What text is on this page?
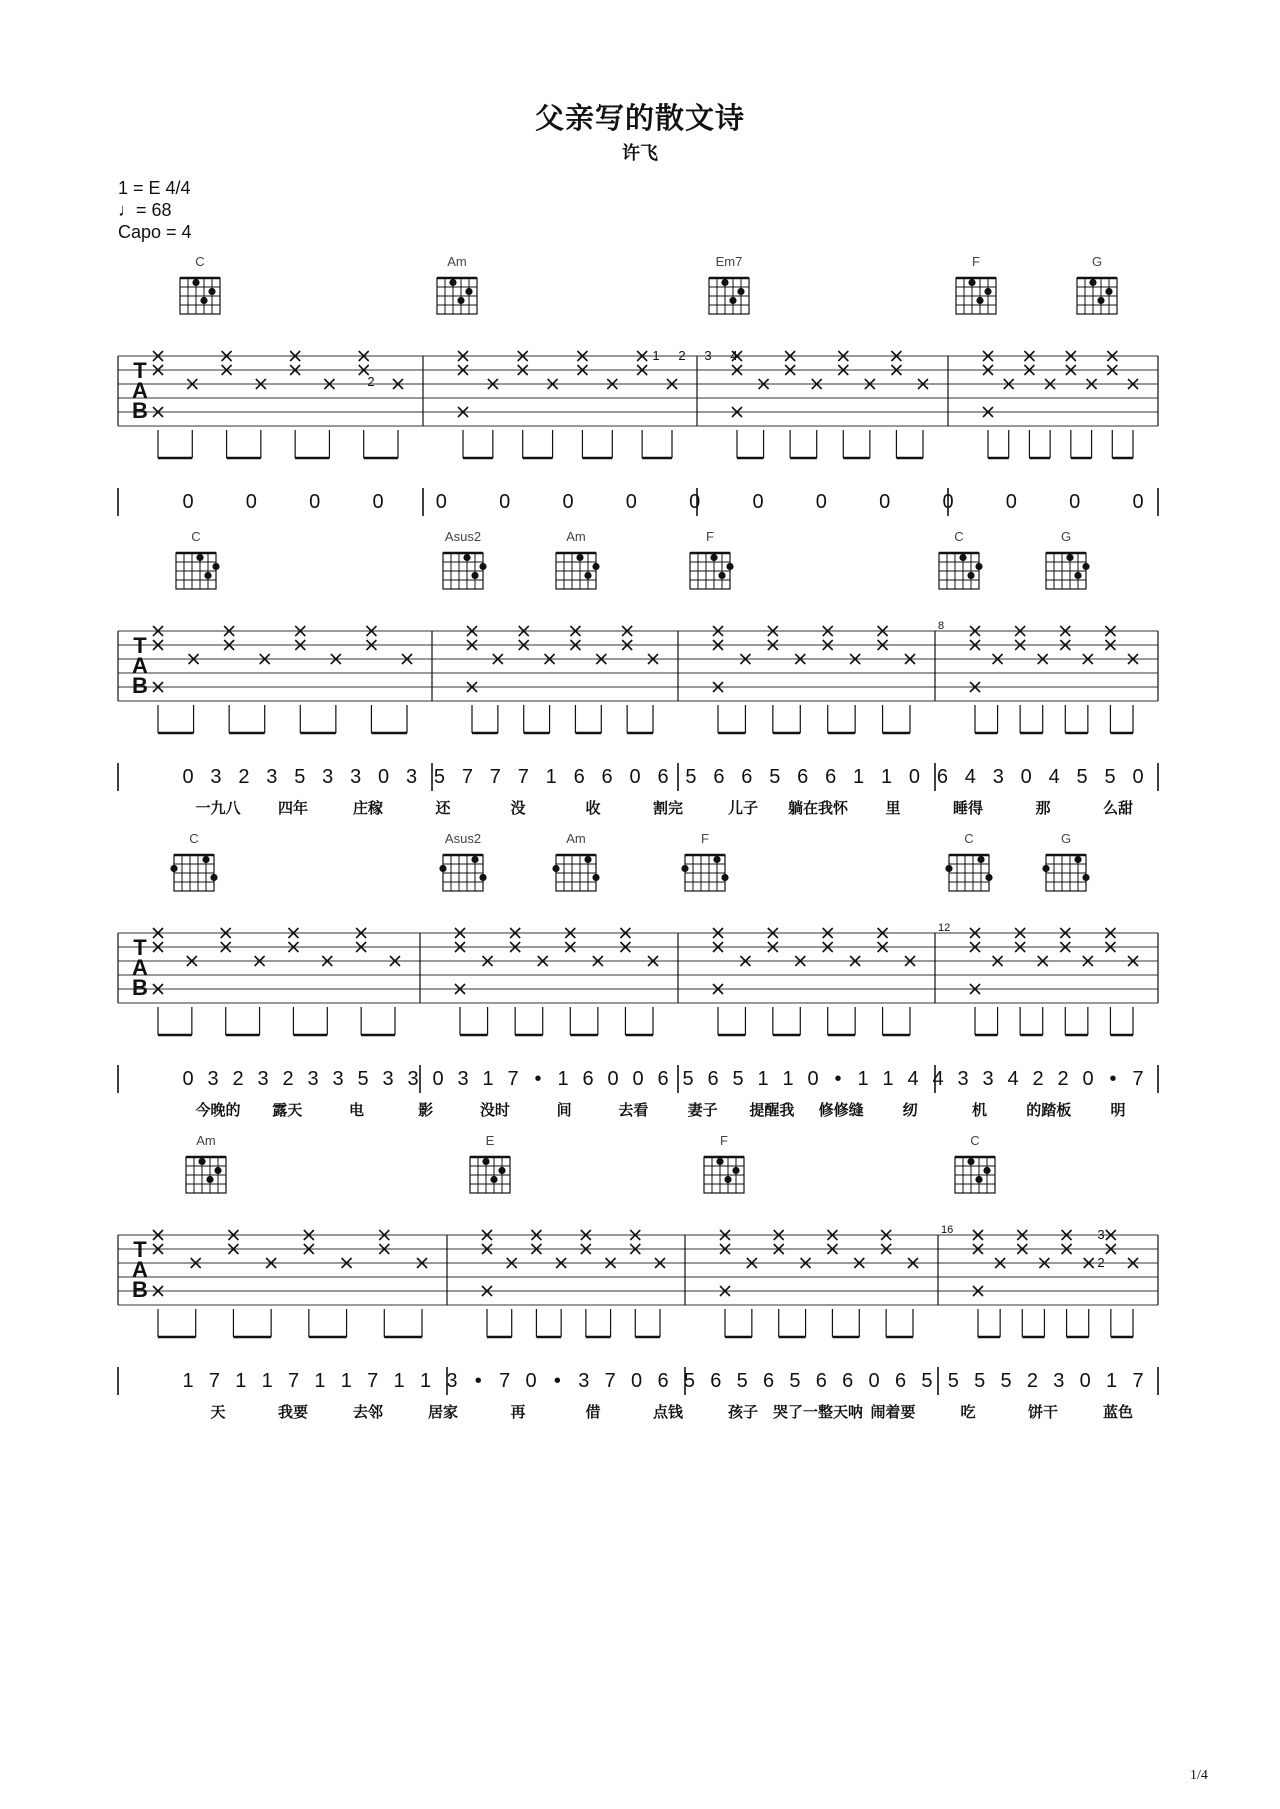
父亲写的散文诗
许飞
1 = E 4/4
♩= 68
Capo = 4
1/4
C	Am	Em7	F	G
T
A
B
2
1 2 3 4
0	0	0	0	0	0	0	0	0	0	0	0	0	0	0	0
C	Asus2	Am	F	C	G
T
A
B
8
0 3 2 3 5 3 3 0 3 5 7 7 7 1 6 6 0 6 5 6 6 5 6 6 1 1 0 6 4 3 0 4 5 5 0
一九八 四年	庄稼	还	没	收	割完	儿子 躺在我怀 里	睡得	那	么甜
C	Asus2	Am	F	C	G
T
A
B
12
0 3 2 3 2 3 3 5 3 3 0 3 1 7 • 1 6 0 0 6 5 6 5 1 1 0 • 1 1 4 4 3 3 4 2 2 0 • 7
今晚的 露天	电	影	没时	间	去看	妻子 提醒我 修修缝	纫	机	的踏板	明
Am	E	F	C
T
A
B
16	3
2
1 7 1 1 7 1 1 7 1 1 3 • 7 0 • 3 7 0 6 5 6 5 6 5 6 6 0 6 5 5 5 5 2 3 0 1 7
天	我要	去邻	居家	再	借	点钱	孩子 哭了一整天呐 闹着要	吃	饼干	蓝色
